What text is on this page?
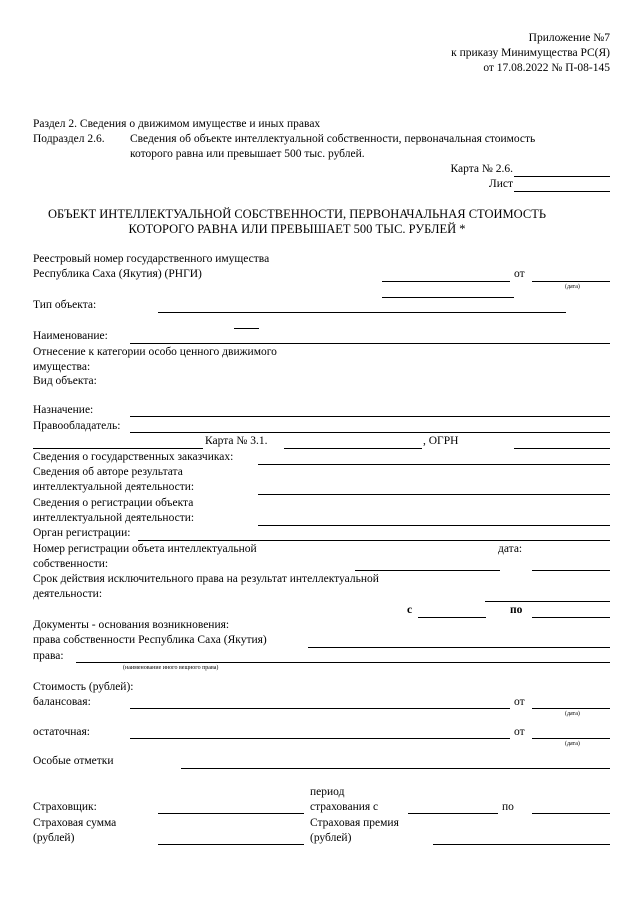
Приложение №7
к приказу Минимущества РС(Я)
от 17.08.2022 № П-08-145
Раздел 2. Сведения о движимом имуществе и иных правах
Подраздел 2.6. Сведения об объекте интеллектуальной собственности, первоначальная стоимость
которого равна или превышает 500 тыс. рублей.
Карта № 2.6.
Лист
ОБЪЕКТ ИНТЕЛЛЕКТУАЛЬНОЙ СОБСТВЕННОСТИ, ПЕРВОНАЧАЛЬНАЯ СТОИМОСТЬ
КОТОРОГО РАВНА ИЛИ ПРЕВЫШАЕТ 500 ТЫС. РУБЛЕЙ *
Реестровый номер государственного имущества
Республика Саха (Якутия) (РНГИ)	от
(дата)
Тип объекта:
Наименование:
Отнесение к категории особо ценного движимого
имущества:
Вид объекта:
Назначение:
Правообладатель:
Карта № 3.1.	, ОГРН
Сведения о государственных заказчиках:
Сведения об авторе результата
интеллектуальной деятельности:
Сведения о регистрации объекта
интеллектуальной деятельности:
Орган регистрации:
Номер регистрации объета интеллектуальной
собственности:
дата:
Срок действия исключительного права на результат интеллектуальной
деятельности:
с	по
Документы - основания возникновения:
права собственности Республика Саха (Якутия)
права:
(наименование иного вещного права)
Стоимость (рублей):
балансовая:	от
(дата)
остаточная:	от
(дата)
Особые отметки
период
Страховщик:	страхования с	по
Страховая сумма
(рублей)
Страховая премия
(рублей)
